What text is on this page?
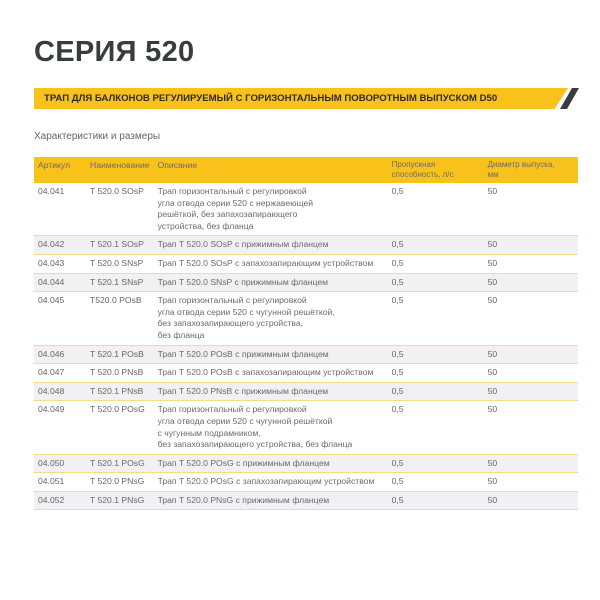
СЕРИЯ 520
ТРАП ДЛЯ БАЛКОНОВ РЕГУЛИРУЕМЫЙ С ГОРИЗОНТАЛЬНЫМ ПОВОРОТНЫМ ВЫПУСКОМ D50
Характеристики и размеры
Артикул	Наименование	Описание	Пропускная
способность, л/с	Диаметр выпуска,
мм
04.041	T 520.0 SOsP	Трап горизонтальный с регулировкой
угла отвода серии 520 с нержавеющей
решёткой, без запахозапирающего
устройства, без фланца	0,5	50
04.042	T 520.1 SOsP	Трап T 520.0 SOsP с прижимным фланцем	0,5	50
04.043	T 520.0 SNsP	Трап T 520.0 SOsP с запахозапирающим устройством	0,5	50
04.044	T 520.1 SNsP	Трап T 520.0 SNsP с прижимным фланцем	0,5	50
04.045	T520.0 POsB	Трап горизонтальный с регулировкой
угла отвода серии 520 с чугунной решёткой,
без запахозапирающего устройства,
без фланца	0,5	50
04.046	T 520.1 POsB	Трап T 520.0 POsB с прижимным фланцем	0,5	50
04.047	T 520.0 PNsB	Трап T 520.0 POsB с запахозапирающим устройством	0,5	50
04.048	T 520.1 PNsB	Трап T 520.0 PNsB с прижимным фланцем	0,5	50
04.049	T 520.0 POsG	Трап горизонтальный с регулировкой
угла отвода серии 520 с чугунной решёткой
с чугунным подрамником,
без запахозапирающего устройства, без фланца	0,5	50
04.050	T 520.1 POsG	Трап T 520.0 POsG с прижимным фланцем	0,5	50
04.051	T 520.0 PNsG	Трап T 520.0 POsG с запахозапирающим устройством	0,5	50
04.052	T 520.1 PNsG	Трап T 520.0 PNsG с прижимным фланцем	0,5	50
